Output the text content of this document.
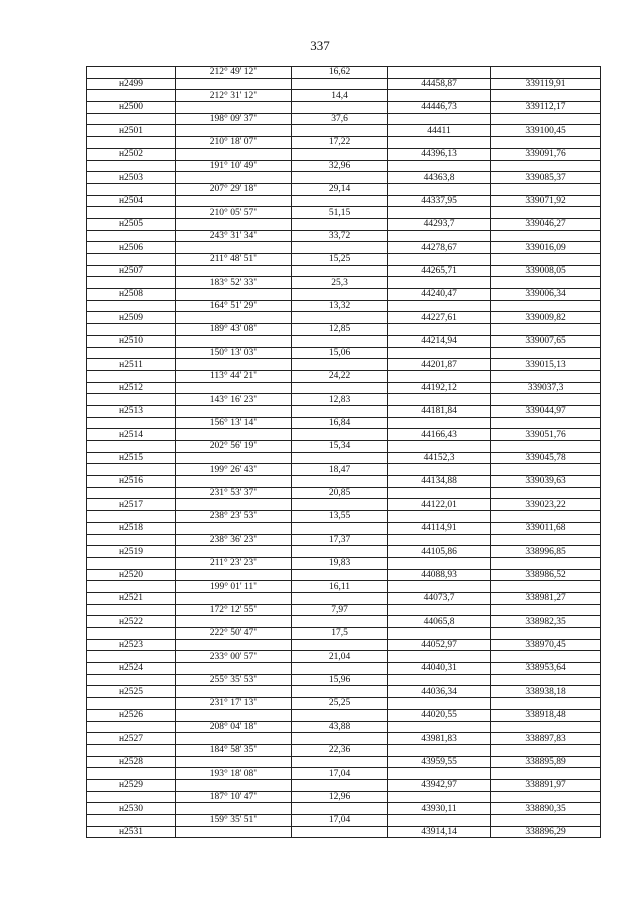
337
	212° 49' 12"	16,62		
н2499			44458,87	339119,91
	212° 31' 12"	14,4		
н2500			44446,73	339112,17
	198° 09' 37"	37,6		
н2501			44411	339100,45
	210° 18' 07"	17,22		
н2502			44396,13	339091,76
	191° 10' 49"	32,96		
н2503			44363,8	339085,37
	207° 29' 18"	29,14		
н2504			44337,95	339071,92
	210° 05' 57"	51,15		
н2505			44293,7	339046,27
	243° 31' 34"	33,72		
н2506			44278,67	339016,09
	211° 48' 51"	15,25		
н2507			44265,71	339008,05
	183° 52' 33"	25,3		
н2508			44240,47	339006,34
	164° 51' 29"	13,32		
н2509			44227,61	339009,82
	189° 43' 08"	12,85		
н2510			44214,94	339007,65
	150° 13' 03"	15,06		
н2511			44201,87	339015,13
	113° 44' 21"	24,22		
н2512			44192,12	339037,3
	143° 16' 23"	12,83		
н2513			44181,84	339044,97
	156° 13' 14"	16,84		
н2514			44166,43	339051,76
	202° 56' 19"	15,34		
н2515			44152,3	339045,78
	199° 26' 43"	18,47		
н2516			44134,88	339039,63
	231° 53' 37"	20,85		
н2517			44122,01	339023,22
	238° 23' 53"	13,55		
н2518			44114,91	339011,68
	238° 36' 23"	17,37		
н2519			44105,86	338996,85
	211° 23' 23"	19,83		
н2520			44088,93	338986,52
	199° 01' 11"	16,11		
н2521			44073,7	338981,27
	172° 12' 55"	7,97		
н2522			44065,8	338982,35
	222° 50' 47"	17,5		
н2523			44052,97	338970,45
	233° 00' 57"	21,04		
н2524			44040,31	338953,64
	255° 35' 53"	15,96		
н2525			44036,34	338938,18
	231° 17' 13"	25,25		
н2526			44020,55	338918,48
	208° 04' 18"	43,88		
н2527			43981,83	338897,83
	184° 58' 35"	22,36		
н2528			43959,55	338895,89
	193° 18' 08"	17,04		
н2529			43942,97	338891,97
	187° 10' 47"	12,96		
н2530			43930,11	338890,35
	159° 35' 51"	17,04		
н2531			43914,14	338896,29
